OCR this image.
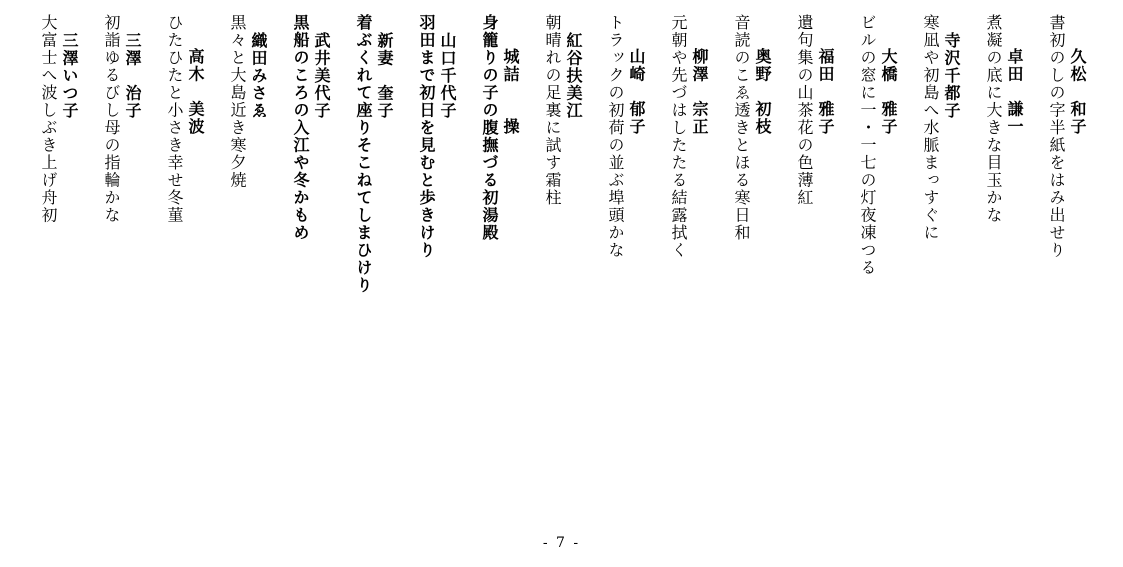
久松　和子
書初のしの字半紙をはみ出せり
卓田　謙一
煮凝の底に大きな目玉かな
寺沢千都子
寒凪や初島へ水脈まっすぐに
大橋　雅子
ビルの窓に一・一七の灯夜凍つる
福田　雅子
遺句集の山茶花の色薄紅
奥野　初枝
音読のこゑ透きとほる寒日和
柳澤　宗正
元朝や先づはしたたる結露拭く
山崎　郁子
トラックの初荷の並ぶ埠頭かな
紅谷扶美江
朝晴れの足裏に試す霜柱
城詰　　操
身籠りの子の腹撫づる初湯殿
山口千代子
羽田まで初日を見むと歩きけり
新妻　奎子
着ぶくれて座りそこねてしまひけり
武井美代子
黒船のころの入江や冬かもめ
織田みさゑ
黒々と大島近き寒夕焼
高木　美波
ひたひたと小さき幸せ冬菫
三澤　治子
初詣ゆるびし母の指輪かな
三澤いつ子
大富士へ波しぶき上げ舟初
- 7 -
